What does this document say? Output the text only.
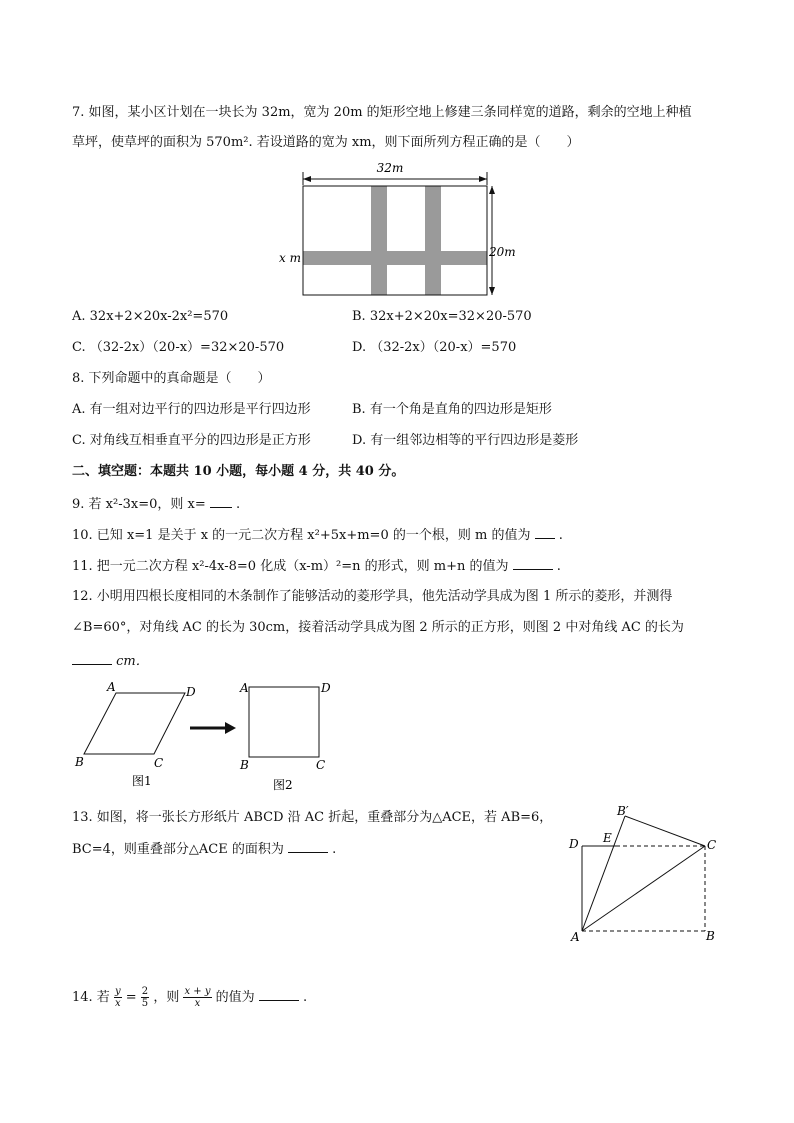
7. 如图，某小区计划在一块长为 32m，宽为 20m 的矩形空地上修建三条同样宽的道路，剩余的空地上种植
草坪，使草坪的面积为 570m². 若设道路的宽为 xm，则下面所列方程正确的是（　　）
32m
20m
x m
A. 32x+2×20x-2x²=570	B. 32x+2×20x=32×20-570
C. （32-2x）（20-x）=32×20-570	D. （32-2x）（20-x）=570
8. 下列命题中的真命题是（　　）
A. 有一组对边平行的四边形是平行四边形	B. 有一个角是直角的四边形是矩形
C. 对角线互相垂直平分的四边形是正方形	D. 有一组邻边相等的平行四边形是菱形
二、填空题：本题共 10 小题，每小题 4 分，共 40 分。
9. 若 x²-3x=0，则 x= .
10. 已知 x=1 是关于 x 的一元二次方程 x²+5x+m=0 的一个根，则 m 的值为 .
11. 把一元二次方程 x²-4x-8=0 化成（x-m）²=n 的形式，则 m+n 的值为	.
12. 小明用四根长度相同的木条制作了能够活动的菱形学具，他先活动学具成为图 1 所示的菱形，并测得
∠B=60°，对角线 AC 的长为 30cm，接着活动学具成为图 2 所示的正方形，则图 2 中对角线 AC 的长为
cm．
A	D
B	C
图1
A	D
B	C
图2
13. 如图，将一张长方形纸片 ABCD 沿 AC 折起，重叠部分为△ACE，若 AB=6，
BC=4，则重叠部分△ACE 的面积为	.	D E
B′
C
A	B
14. 若 $\frac{y}{x} = \frac{2}{5}$ ，则 $\frac{x + y}{x}$ 的值为	.
